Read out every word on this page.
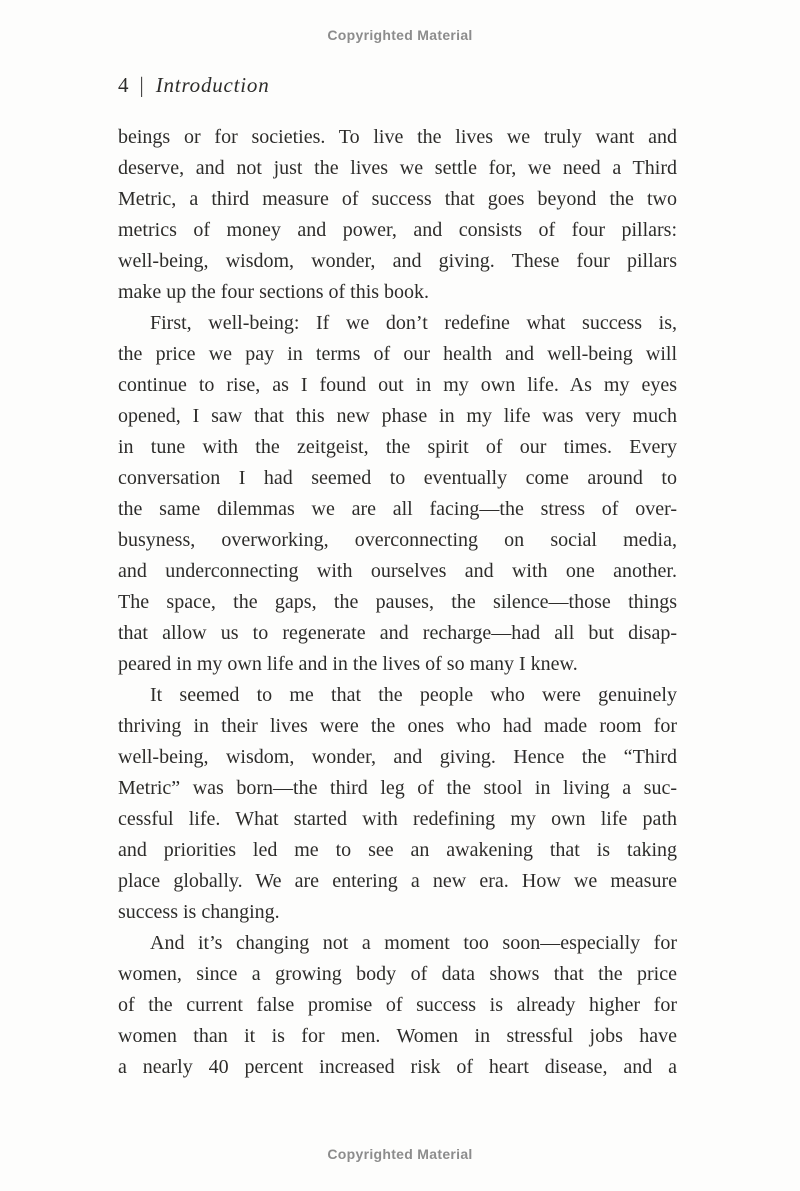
Copyrighted Material
4 | Introduction
beings or for societies. To live the lives we truly want and
deserve, and not just the lives we settle for, we need a Third
Metric, a third measure of success that goes beyond the two
metrics of money and power, and consists of four pillars:
well-being, wisdom, wonder, and giving. These four pillars
make up the four sections of this book.
First, well-being: If we don’t redefine what success is,
the price we pay in terms of our health and well-being will
continue to rise, as I found out in my own life. As my eyes
opened, I saw that this new phase in my life was very much
in tune with the zeitgeist, the spirit of our times. Every
conversation I had seemed to eventually come around to
the same dilemmas we are all facing—the stress of over-
busyness, overworking, overconnecting on social media,
and underconnecting with ourselves and with one another.
The space, the gaps, the pauses, the silence—those things
that allow us to regenerate and recharge—had all but disap-
peared in my own life and in the lives of so many I knew.
It seemed to me that the people who were genuinely
thriving in their lives were the ones who had made room for
well-being, wisdom, wonder, and giving. Hence the “Third
Metric” was born—the third leg of the stool in living a suc-
cessful life. What started with redefining my own life path
and priorities led me to see an awakening that is taking
place globally. We are entering a new era. How we measure
success is changing.
And it’s changing not a moment too soon—especially for
women, since a growing body of data shows that the price
of the current false promise of success is already higher for
women than it is for men. Women in stressful jobs have
a nearly 40 percent increased risk of heart disease, and a
Copyrighted Material
